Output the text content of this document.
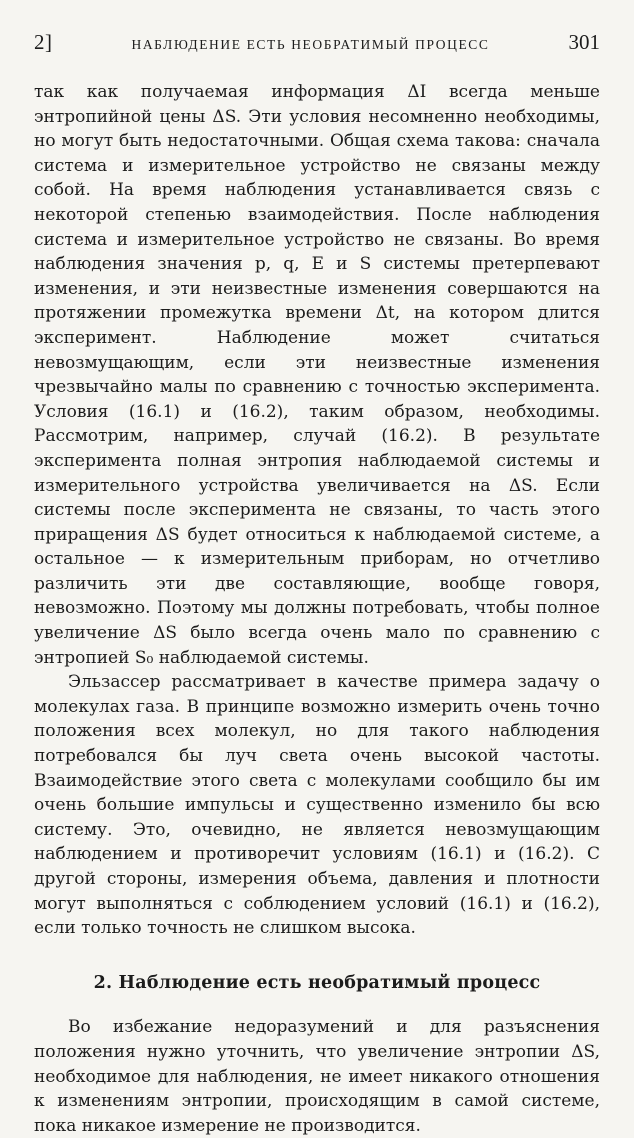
2]	НАБЛЮДЕНИЕ ЕСТЬ НЕОБРАТИМЫЙ ПРОЦЕСС	301

так как получаемая информация ΔI всегда меньше энтропийной цены ΔS. Эти условия несомненно необходимы, но могут быть недостаточными. Общая схема такова: сначала система и измерительное устройство не связаны между собой. На время наблюдения устанавливается связь с некоторой степенью взаимодействия. После наблюдения система и измерительное устройство не связаны. Во время наблюдения значения p, q, E и S системы претерпевают изменения, и эти неизвестные изменения совершаются на протяжении промежутка времени Δt, на котором длится эксперимент. Наблюдение может считаться невозмущающим, если эти неизвестные изменения чрезвычайно малы по сравнению с точностью эксперимента. Условия (16.1) и (16.2), таким образом, необходимы. Рассмотрим, например, случай (16.2). В результате эксперимента полная энтропия наблюдаемой системы и измерительного устройства увеличивается на ΔS. Если системы после эксперимента не связаны, то часть этого приращения ΔS будет относиться к наблюдаемой системе, а остальное — к измерительным приборам, но отчетливо различить эти две составляющие, вообще говоря, невозможно. Поэтому мы должны потребовать, чтобы полное увеличение ΔS было всегда очень мало по сравнению с энтропией S₀ наблюдаемой системы.

Эльзассер рассматривает в качестве примера задачу о молекулах газа. В принципе возможно измерить очень точно положения всех молекул, но для такого наблюдения потребовался бы луч света очень высокой частоты. Взаимодействие этого света с молекулами сообщило бы им очень большие импульсы и существенно изменило бы всю систему. Это, очевидно, не является невозмущающим наблюдением и противоречит условиям (16.1) и (16.2). С другой стороны, измерения объема, давления и плотности могут выполняться с соблюдением условий (16.1) и (16.2), если только точность не слишком высока.

2. Наблюдение есть необратимый процесс

Во избежание недоразумений и для разъяснения положения нужно уточнить, что увеличение энтропии ΔS, необходимое для наблюдения, не имеет никакого отношения к изменениям энтропии, происходящим в самой системе, пока никакое измерение не производится.
